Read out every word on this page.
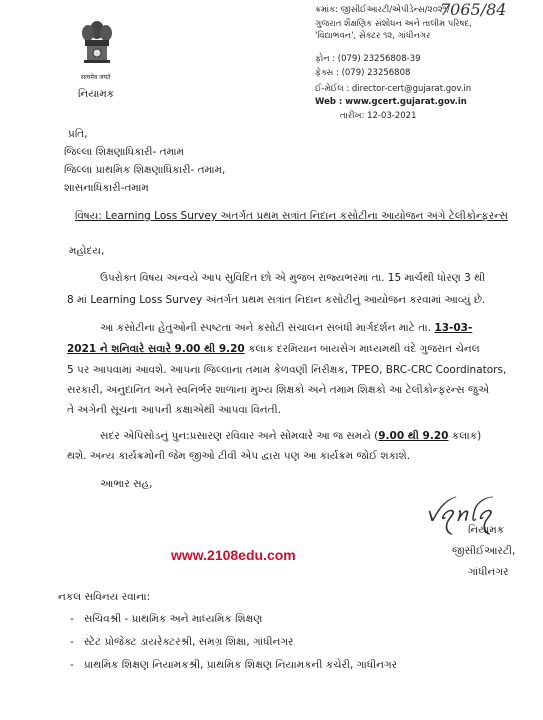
सत्यमेव जयते
નિયામક
ક્રમાંક: જીસીઈઆરટી/એપીડેન્સ/૨૦૨૧/
7065/84
ગુજરાત શૈક્ષણિક સંશોધન અને તાલીમ પરિષદ,
'વિદ્યાભવન', સેક્ટર ૧૨, ગાંધીનગર
ફોન : (079) 23256808-39
ફેક્સ : (079) 23256808
ઈ-મેઈલ : director-cert@gujarat.gov.in
Web : www.gcert.gujarat.gov.in
તારીખ: 12-03-2021
પ્રતિ,
જિલ્લા શિક્ષણાધિકારી- તમામ
જિલ્લા પ્રાથમિક શિક્ષણાધિકારી- તમામ,
શાસનાધિકારી-તમામ
વિષય: Learning Loss Survey અંતર્ગત પ્રથમ સત્રાંત નિદાન કસોટીના આયોજન અંગે ટેલીકોન્ફરન્સ
મહોદય,
ઉપરોક્ત વિષય અન્વયે આપ સુવિદિત છો એ મુજબ રાજ્યભરમાં તા. 15 માર્ચથી ધોરણ 3 થી
8 માં Learning Loss Survey અંતર્ગત પ્રથમ સત્રાંત નિદાન કસોટીનું આયોજન કરવામાં આવ્યું છે.
આ કસોટીના હેતુઓની સ્પષ્ટતા અને કસોટી સંચાલન સંબંધી માર્ગદર્શન માટે તા. 13-03-
2021 ને શનિવારે સવારે 9.00 થી 9.20 કલાક દરમિયાન બાયસેગ માધ્યમથી વંદે ગુજરાત ચેનલ
5 પર આપવામાં આવશે. આપના જિલ્લાના તમામ કેળવણી નિરીક્ષક, TPEO, BRC-CRC Coordinators,
સરકારી, અનુદાનિત અને સ્વનિર્ભર શાળાના મુખ્ય શિક્ષકો અને તમામ શિક્ષકો આ ટેલીકોન્ફરન્સ જુએ
તે અંગેની સૂચના આપની કક્ષાએથી આપવા વિનંતી.
સદર એપિસોડનું પુન:પ્રસારણ રવિવાર અને સોમવારે આ જ સમયે (9.00 થી 9.20 કલાક)
થશે. અન્ય કાર્યક્રમોની જેમ જીઓ ટીવી એપ દ્વારા પણ આ કાર્યક્રમ જોઈ શકાશે.
આભાર સહ,
ꪜꪖꪀꪶꪖ
નિયામક
જીસીઈઆરટી,
ગાંધીનગર
www.2108edu.com
નકલ સવિનય રવાના:
-   સચિવશ્રી - પ્રાથમિક અને માધ્યમિક શિક્ષણ
-   સ્ટેટ પ્રોજેક્ટ ડાયરેક્ટરશ્રી, સમગ્ર શિક્ષા, ગાંધીનગર
-   પ્રાથમિક શિક્ષણ નિયામકશ્રી, પ્રાથમિક શિક્ષણ નિયામકની કચેરી, ગાંધીનગર
